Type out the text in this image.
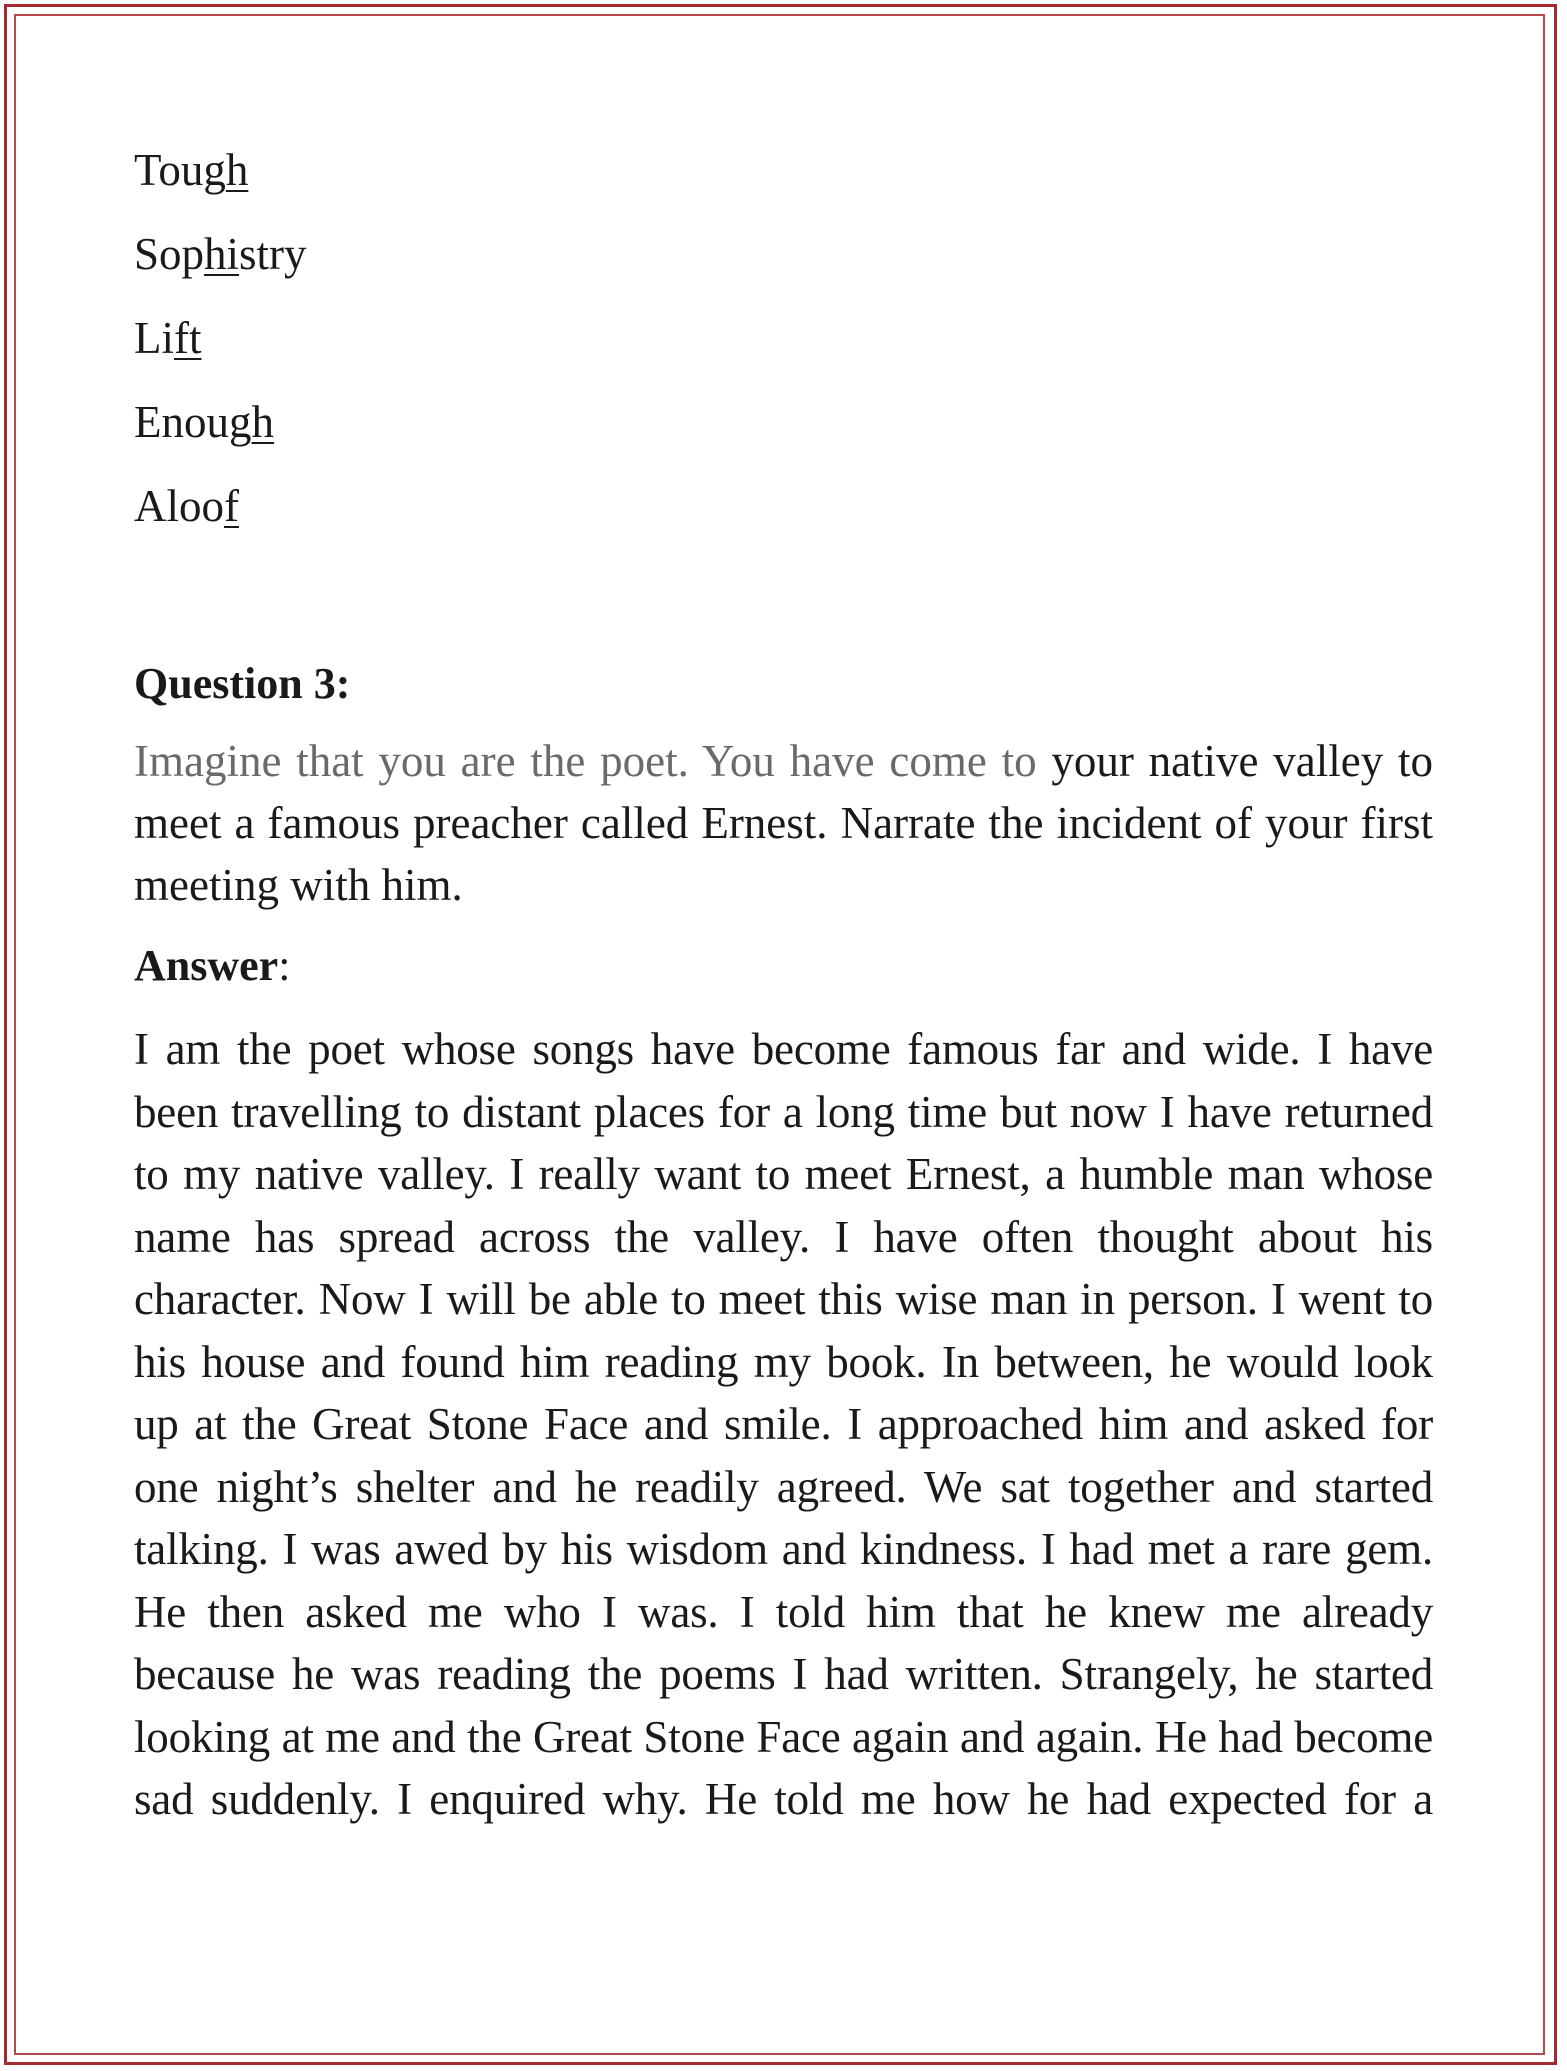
Tough
Sophistry
Lift
Enough
Aloof
Question 3:
Imagine that you are the poet. You have come to your native valley to meet a famous preacher called Ernest. Narrate the incident of your first meeting with him.
Answer:
I am the poet whose songs have become famous far and wide. I have been travelling to distant places for a long time but now I have returned to my native valley. I really want to meet Ernest, a humble man whose name has spread across the valley. I have often thought about his character. Now I will be able to meet this wise man in person. I went to his house and found him reading my book. In between, he would look up at the Great Stone Face and smile. I approached him and asked for one night’s shelter and he readily agreed. We sat together and started talking. I was awed by his wisdom and kindness. I had met a rare gem. He then asked me who I was. I told him that he knew me already because he was reading the poems I had written. Strangely, he started looking at me and the Great Stone Face again and again. He had become sad suddenly. I enquired why. He told me how he had expected for a
